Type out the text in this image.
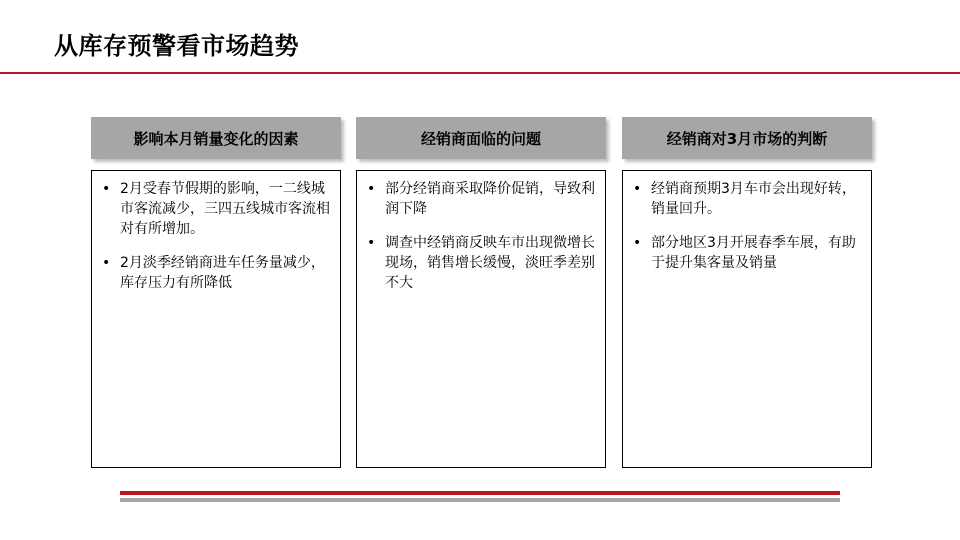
从库存预警看市场趋势
影响本月销量变化的因素
• 2月受春节假期的影响，一二线城市客流减少，三四五线城市客流相对有所增加。
• 2月淡季经销商进车任务量减少，库存压力有所降低
经销商面临的问题
• 部分经销商采取降价促销，导致利润下降
• 调查中经销商反映车市出现微增长现场，销售增长缓慢，淡旺季差别不大
经销商对3月市场的判断
• 经销商预期3月车市会出现好转，销量回升。
• 部分地区3月开展春季车展，有助于提升集客量及销量
